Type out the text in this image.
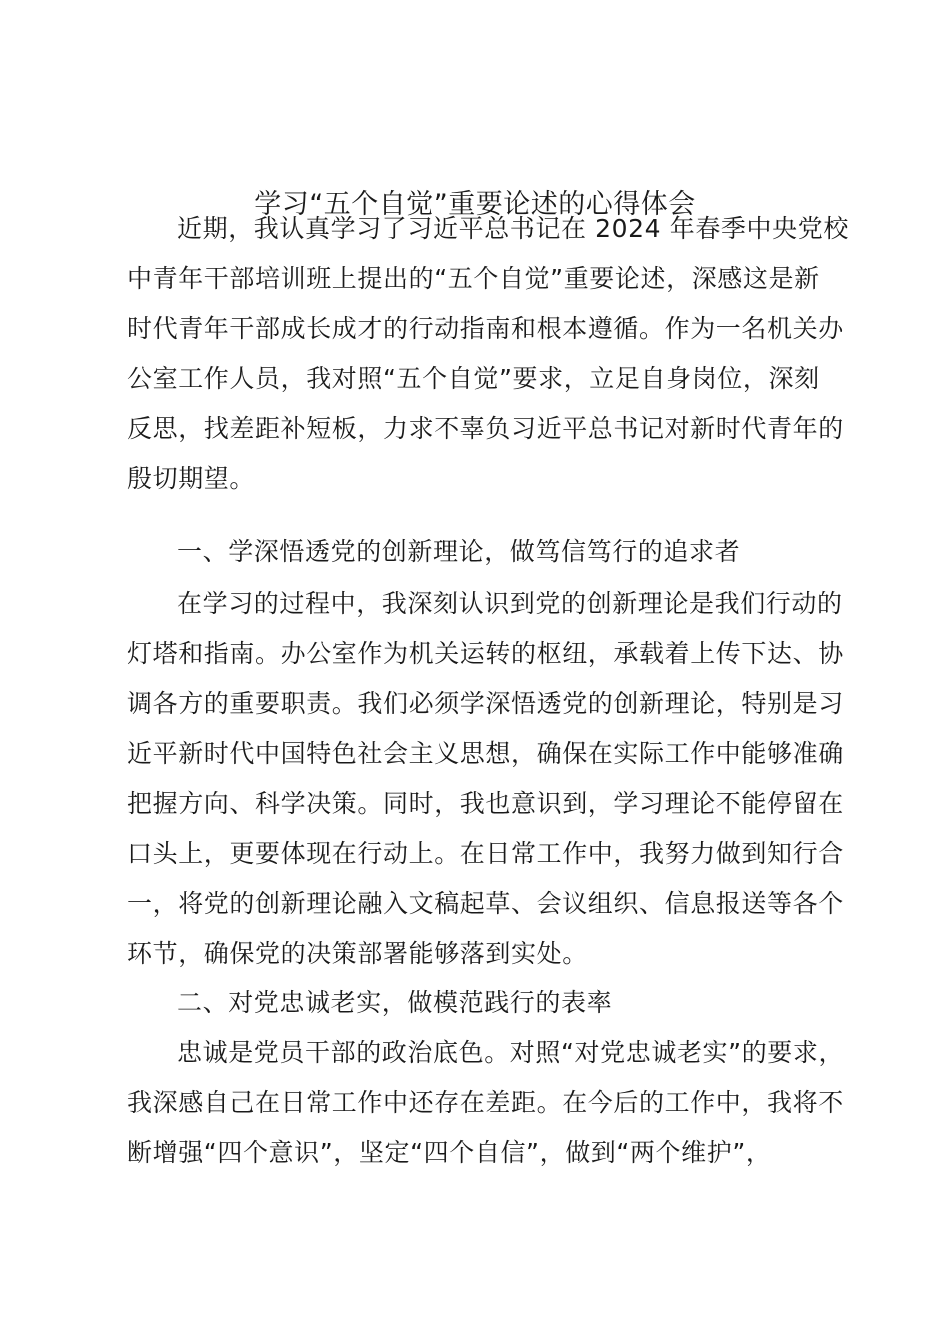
学习“五个自觉”重要论述的心得体会
近期，我认真学习了习近平总书记在 2024 年春季中央党校
中青年干部培训班上提出的“五个自觉”重要论述，深感这是新
时代青年干部成长成才的行动指南和根本遵循。作为一名机关办
公室工作人员，我对照“五个自觉”要求，立足自身岗位，深刻
反思，找差距补短板，力求不辜负习近平总书记对新时代青年的
殷切期望。
一、学深悟透党的创新理论，做笃信笃行的追求者
在学习的过程中，我深刻认识到党的创新理论是我们行动的
灯塔和指南。办公室作为机关运转的枢纽，承载着上传下达、协
调各方的重要职责。我们必须学深悟透党的创新理论，特别是习
近平新时代中国特色社会主义思想，确保在实际工作中能够准确
把握方向、科学决策。同时，我也意识到，学习理论不能停留在
口头上，更要体现在行动上。在日常工作中，我努力做到知行合
一，将党的创新理论融入文稿起草、会议组织、信息报送等各个
环节，确保党的决策部署能够落到实处。
二、对党忠诚老实，做模范践行的表率
忠诚是党员干部的政治底色。对照“对党忠诚老实”的要求，
我深感自己在日常工作中还存在差距。在今后的工作中，我将不
断增强“四个意识”，坚定“四个自信”，做到“两个维护”，
